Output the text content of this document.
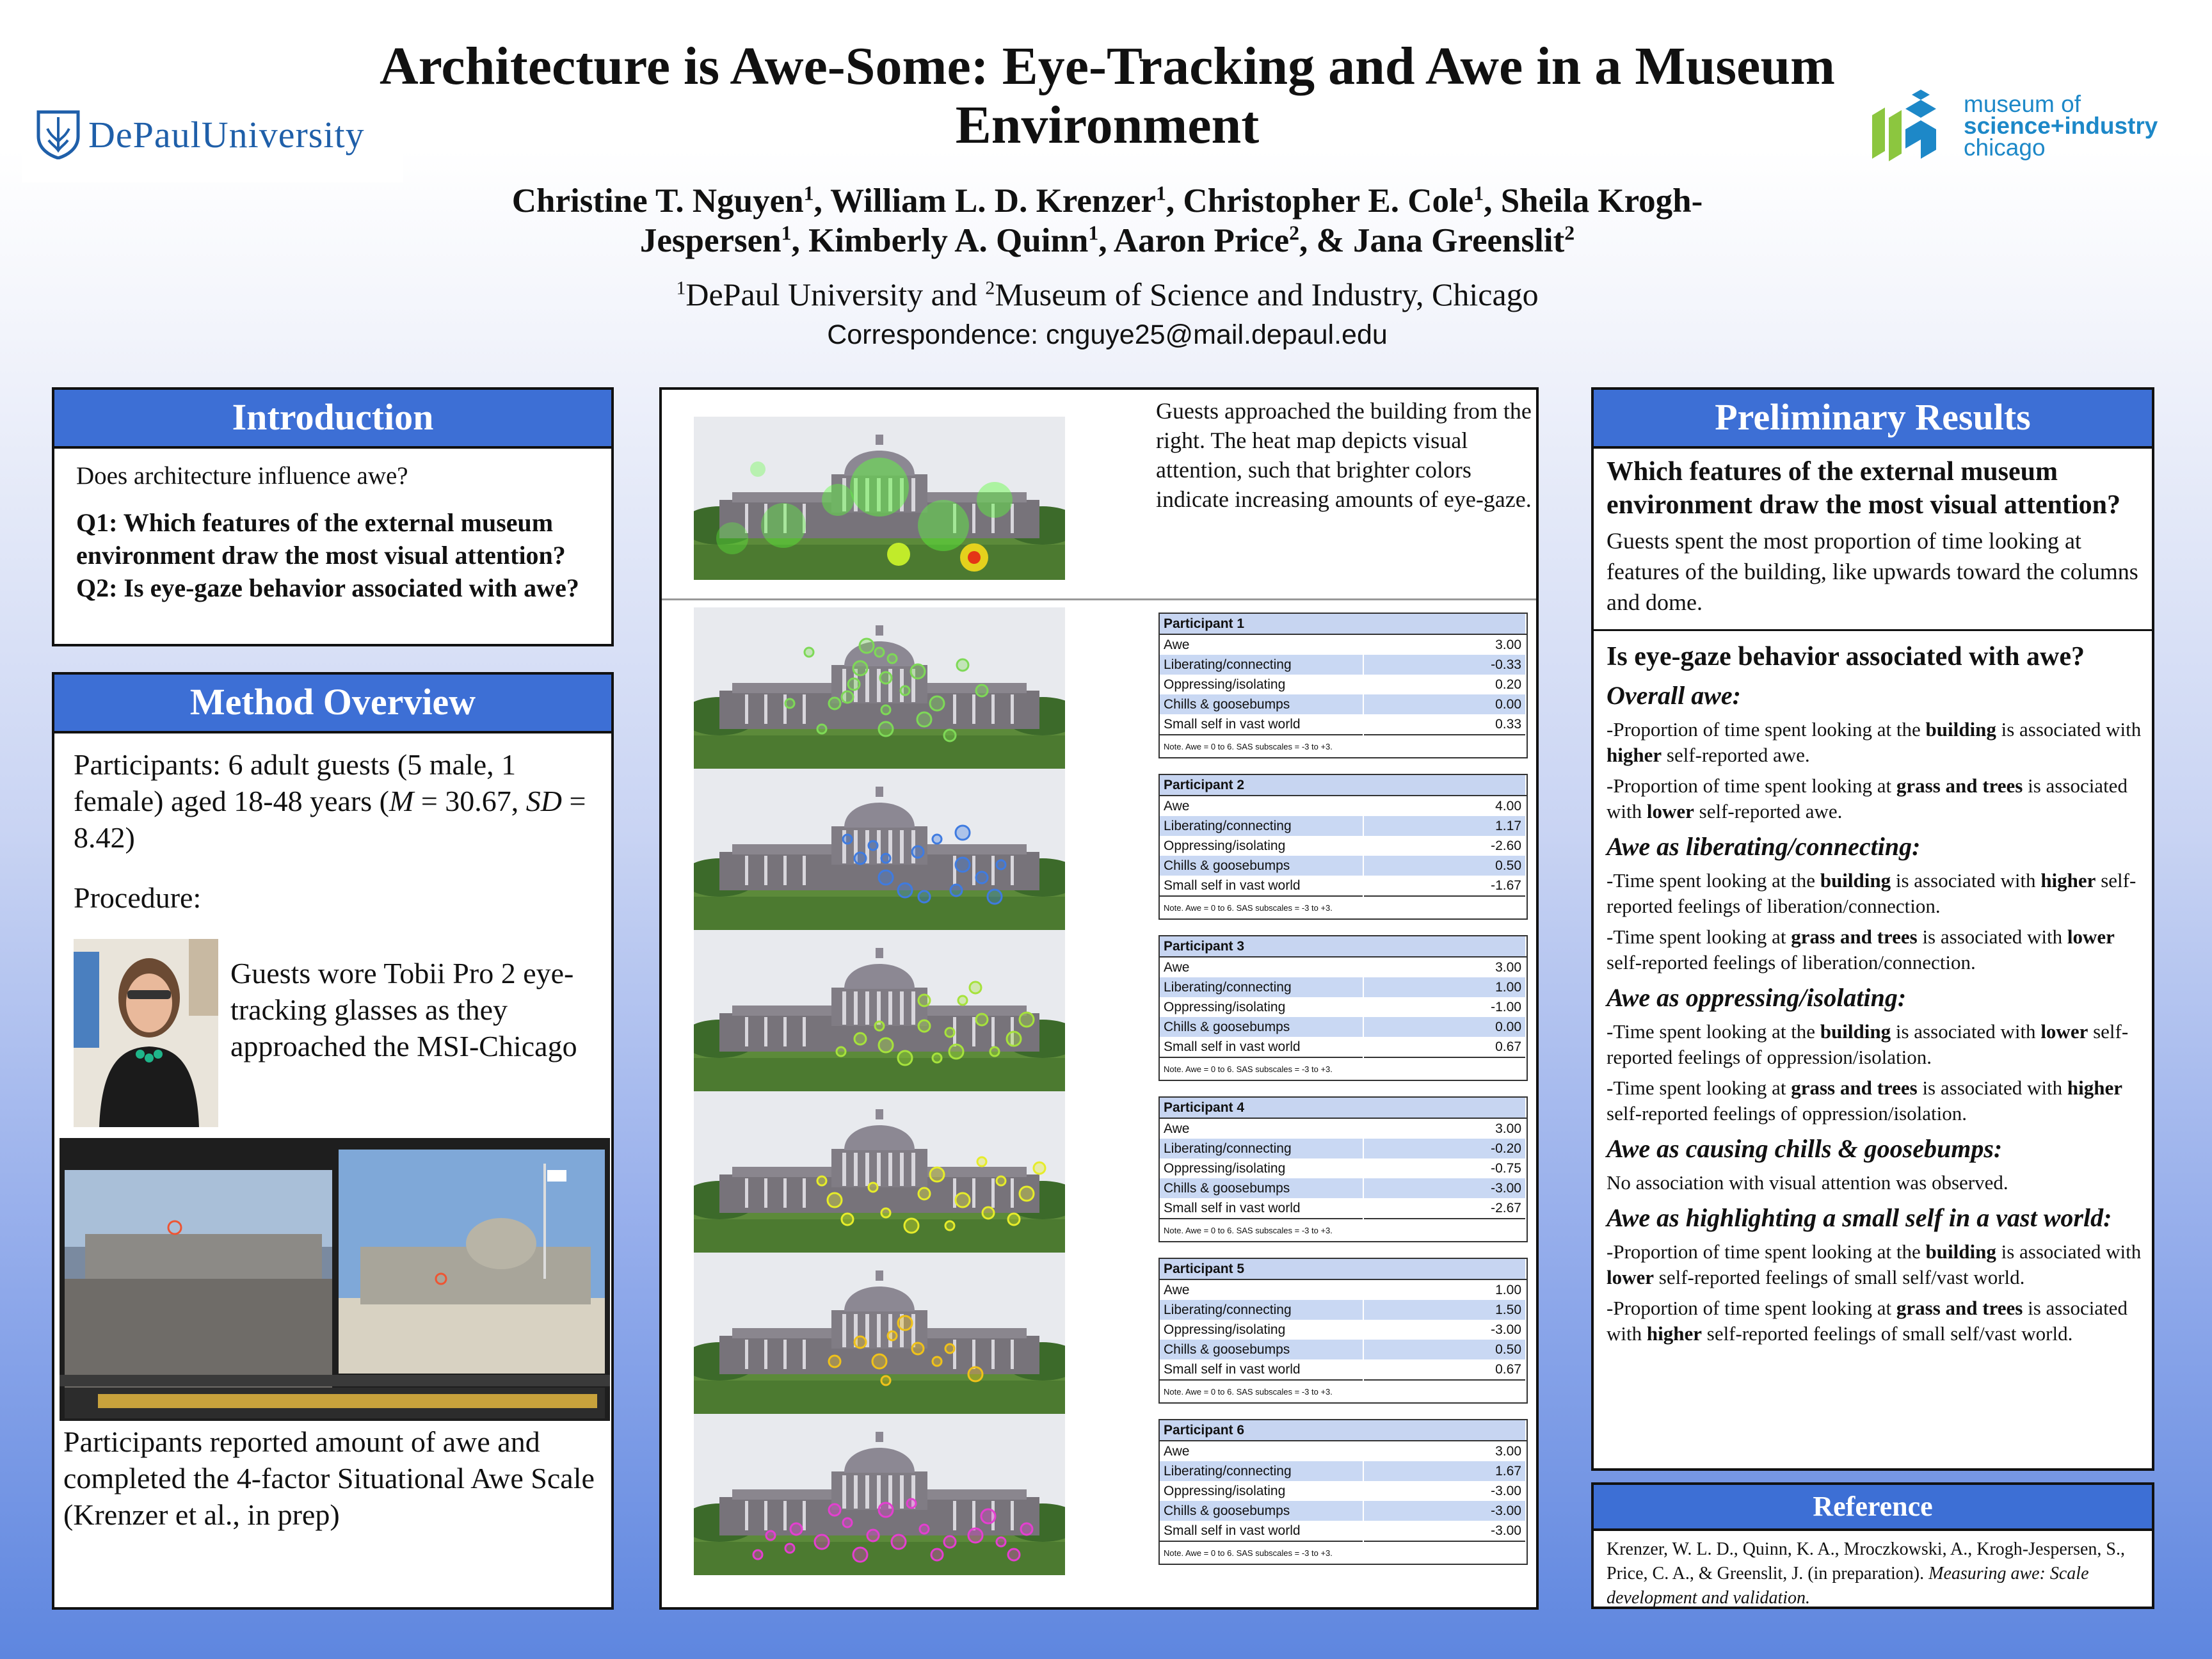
DePaulUniversity
museum of
science+industry
chicago
Architecture is Awe-Some: Eye-Tracking and Awe in a Museum Environment
Christine T. Nguyen$^1$, William L. D. Krenzer$^1$, Christopher E. Cole$^1$, Sheila Krogh-
Jespersen$^1$, Kimberly A. Quinn$^1$, Aaron Price$^2$, & Jana Greenslit$^2$
$^1$DePaul University and $^2$Museum of Science and Industry, Chicago
Correspondence: cnguye25@mail.depaul.edu
Introduction
Does architecture influence awe?
Q1: Which features of the external museum environment draw the most visual attention?
Q2: Is eye-gaze behavior associated with awe?
Method Overview
Participants: 6 adult guests (5 male, 1 female) aged 18-48 years (M = 30.67, SD = 8.42)
Procedure:
Guests wore Tobii Pro 2 eye-tracking glasses as they approached the MSI-Chicago
Participants reported amount of awe and completed the 4-factor Situational Awe Scale (Krenzer et al., in prep)
Guests approached the building from the right. The heat map depicts visual attention, such that brighter colors indicate increasing amounts of eye-gaze.
Participant 1	
Awe	3.00
Liberating/connecting	-0.33
Oppressing/isolating	0.20
Chills & goosebumps	0.00
Small self in vast world	0.33
Note. Awe = 0 to 6. SAS subscales = -3 to +3.	
Participant 2	
Awe	4.00
Liberating/connecting	1.17
Oppressing/isolating	-2.60
Chills & goosebumps	0.50
Small self in vast world	-1.67
Note. Awe = 0 to 6. SAS subscales = -3 to +3.	
Participant 3	
Awe	3.00
Liberating/connecting	1.00
Oppressing/isolating	-1.00
Chills & goosebumps	0.00
Small self in vast world	0.67
Note. Awe = 0 to 6. SAS subscales = -3 to +3.	
Participant 4	
Awe	3.00
Liberating/connecting	-0.20
Oppressing/isolating	-0.75
Chills & goosebumps	-3.00
Small self in vast world	-2.67
Note. Awe = 0 to 6. SAS subscales = -3 to +3.	
Participant 5	
Awe	1.00
Liberating/connecting	1.50
Oppressing/isolating	-3.00
Chills & goosebumps	0.50
Small self in vast world	0.67
Note. Awe = 0 to 6. SAS subscales = -3 to +3.	
Participant 6	
Awe	3.00
Liberating/connecting	1.67
Oppressing/isolating	-3.00
Chills & goosebumps	-3.00
Small self in vast world	-3.00
Note. Awe = 0 to 6. SAS subscales = -3 to +3.	
Preliminary Results
Which features of the external museum environment draw the most visual attention?
Guests spent the most proportion of time looking at features of the building, like upwards toward the columns and dome.
Is eye-gaze behavior associated with awe?
Overall awe:
-Proportion of time spent looking at the building is associated with higher self-reported awe.
-Proportion of time spent looking at grass and trees is associated with lower self-reported awe.
Awe as liberating/connecting:
-Time spent looking at the building is associated with higher self-reported feelings of liberation/connection.
-Time spent looking at grass and trees is associated with lower self-reported feelings of liberation/connection.
Awe as oppressing/isolating:
-Time spent looking at the building is associated with lower self-reported feelings of oppression/isolation.
-Time spent looking at grass and trees is associated with higher self-reported feelings of oppression/isolation.
Awe as causing chills & goosebumps:
No association with visual attention was observed.
Awe as highlighting a small self in a vast world:
-Proportion of time spent looking at the building is associated with lower self-reported feelings of small self/vast world.
-Proportion of time spent looking at grass and trees is associated with higher self-reported feelings of small self/vast world.
Reference
Krenzer, W. L. D., Quinn, K. A., Mroczkowski, A., Krogh-Jespersen, S., Price, C. A., & Greenslit, J. (in preparation). Measuring awe: Scale development and validation.
